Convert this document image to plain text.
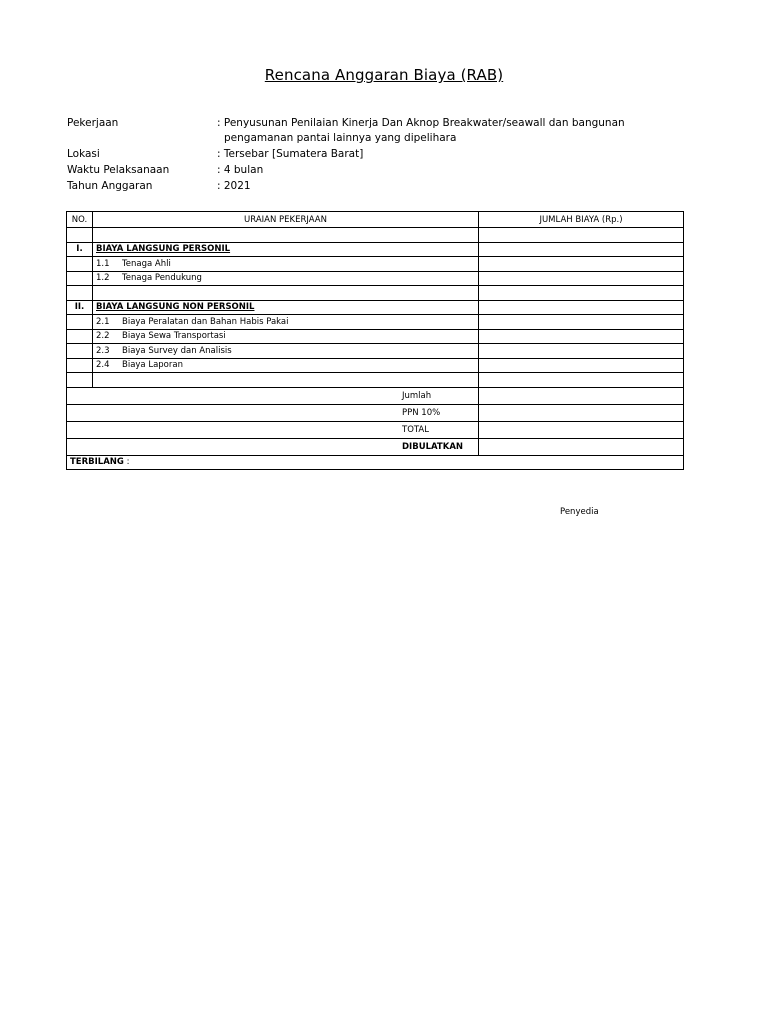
Rencana Anggaran Biaya (RAB)
Pekerjaan	: Penyusunan Penilaian Kinerja Dan Aknop Breakwater/seawall dan bangunan
pengamanan pantai lainnya yang dipelihara
Lokasi	: Tersebar [Sumatera Barat]
Waktu Pelaksanaan	: 4 bulan
Tahun Anggaran	: 2021
NO.	URAIAN PEKERJAAN	JUMLAH BIAYA (Rp.)

I.	BIAYA LANGSUNG PERSONIL	
	1.1 Tenaga Ahli	
	1.2 Tenaga Pendukung	

II.	BIAYA LANGSUNG NON PERSONIL	
	2.1 Biaya Peralatan dan Bahan Habis Pakai	
	2.2 Biaya Sewa Transportasi	
	2.3 Biaya Survey dan Analisis	
	2.4 Biaya Laporan	

Jumlah		
PPN 10%		
TOTAL		
DIBULATKAN		
TERBILANG :		
Penyedia
